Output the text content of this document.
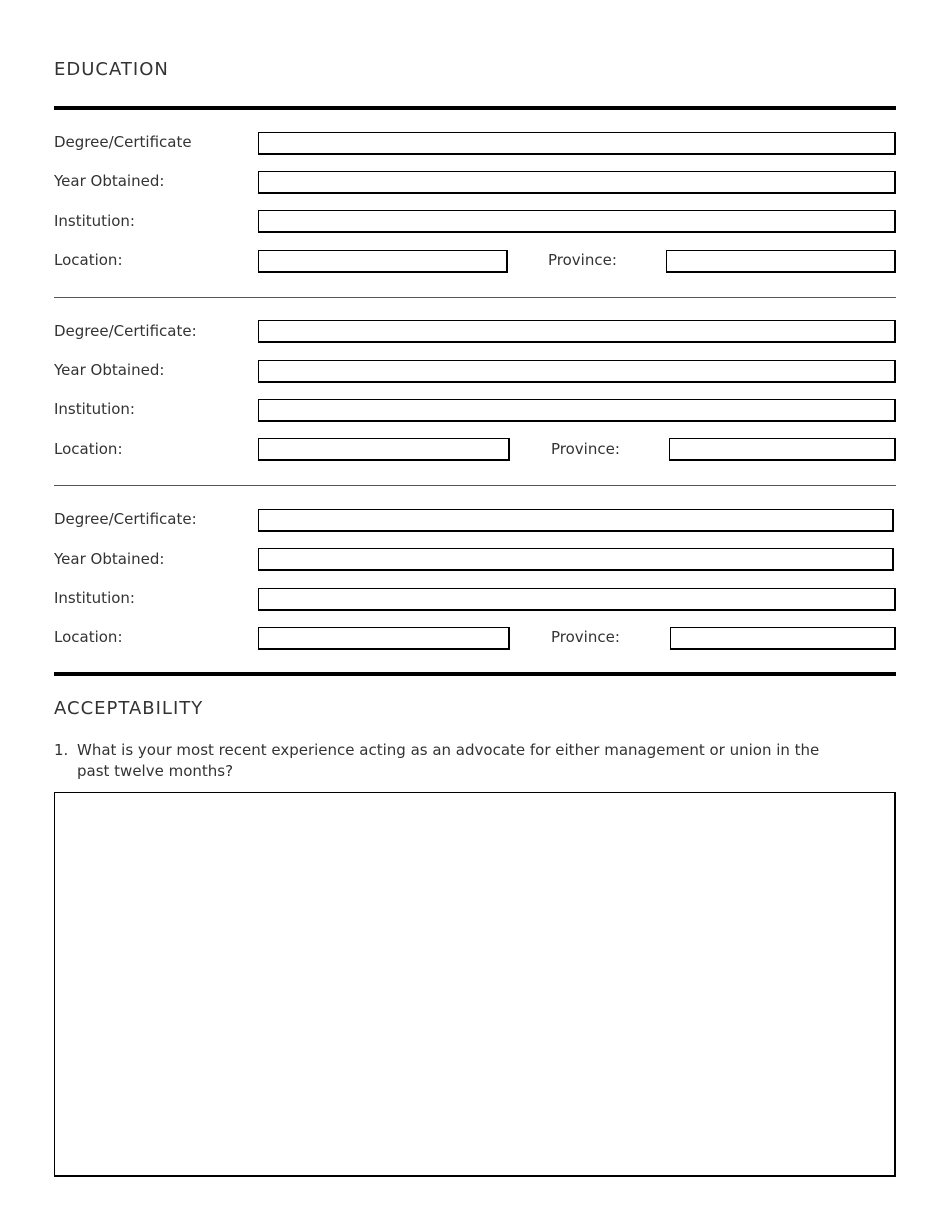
EDUCATION
Degree/Certificate
Year Obtained:
Institution:
Location:	Province:
Degree/Certificate:
Year Obtained:
Institution:
Location:	Province:
Degree/Certificate:
Year Obtained:
Institution:
Location:	Province:
ACCEPTABILITY
1. What is your most recent experience acting as an advocate for either management or union in the past twelve months?
